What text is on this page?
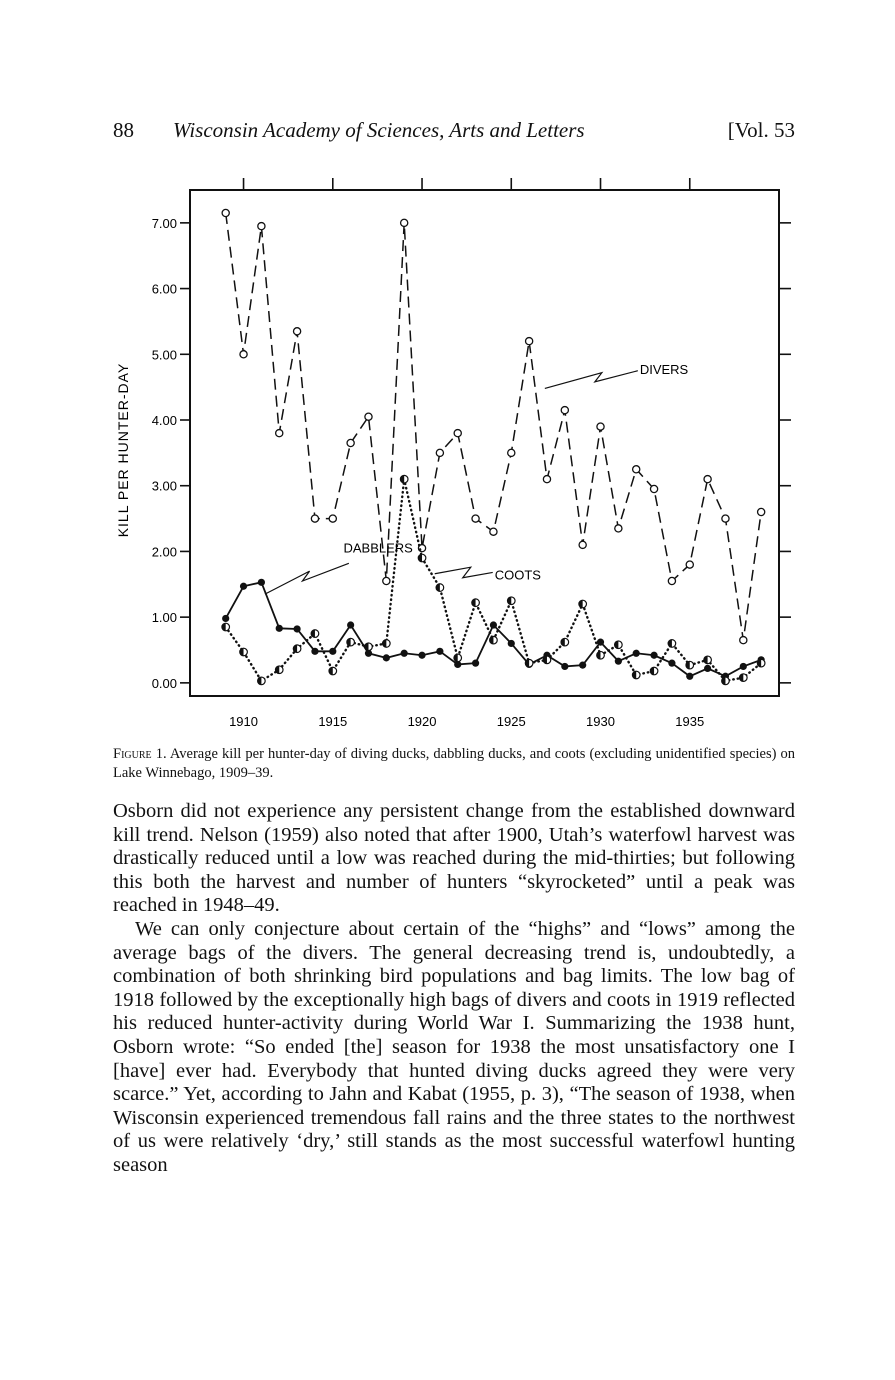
88	Wisconsin Academy of Sciences, Arts and Letters	[Vol. 53
0.00
1.00
2.00
3.00
4.00
5.00
6.00
7.00
1910	1915	1920	1925	1930	1935
DIVERS
COOTS
DABBLERS
KILL PER HUNTER-DAY
Figure 1. Average kill per hunter-day of diving ducks, dabbling ducks, and coots (excluding unidentified species) on Lake Winnebago, 1909–39.

Osborn did not experience any persistent change from the established downward kill trend. Nelson (1959) also noted that after 1900, Utah’s waterfowl harvest was drastically reduced until a low was reached during the mid-thirties; but following this both the harvest and number of hunters “skyrocketed” until a peak was reached in 1948–49.

We can only conjecture about certain of the “highs” and “lows” among the average bags of the divers. The general decreasing trend is, undoubtedly, a combination of both shrinking bird populations and bag limits. The low bag of 1918 followed by the exceptionally high bags of divers and coots in 1919 reflected his reduced hunter-activity during World War I. Summarizing the 1938 hunt, Osborn wrote: “So ended [the] season for 1938 the most unsatisfactory one I [have] ever had. Everybody that hunted diving ducks agreed they were very scarce.” Yet, according to Jahn and Kabat (1955, p. 3), “The season of 1938, when Wisconsin experienced tremendous fall rains and the three states to the northwest of us were relatively ‘dry,’ still stands as the most successful waterfowl hunting season
